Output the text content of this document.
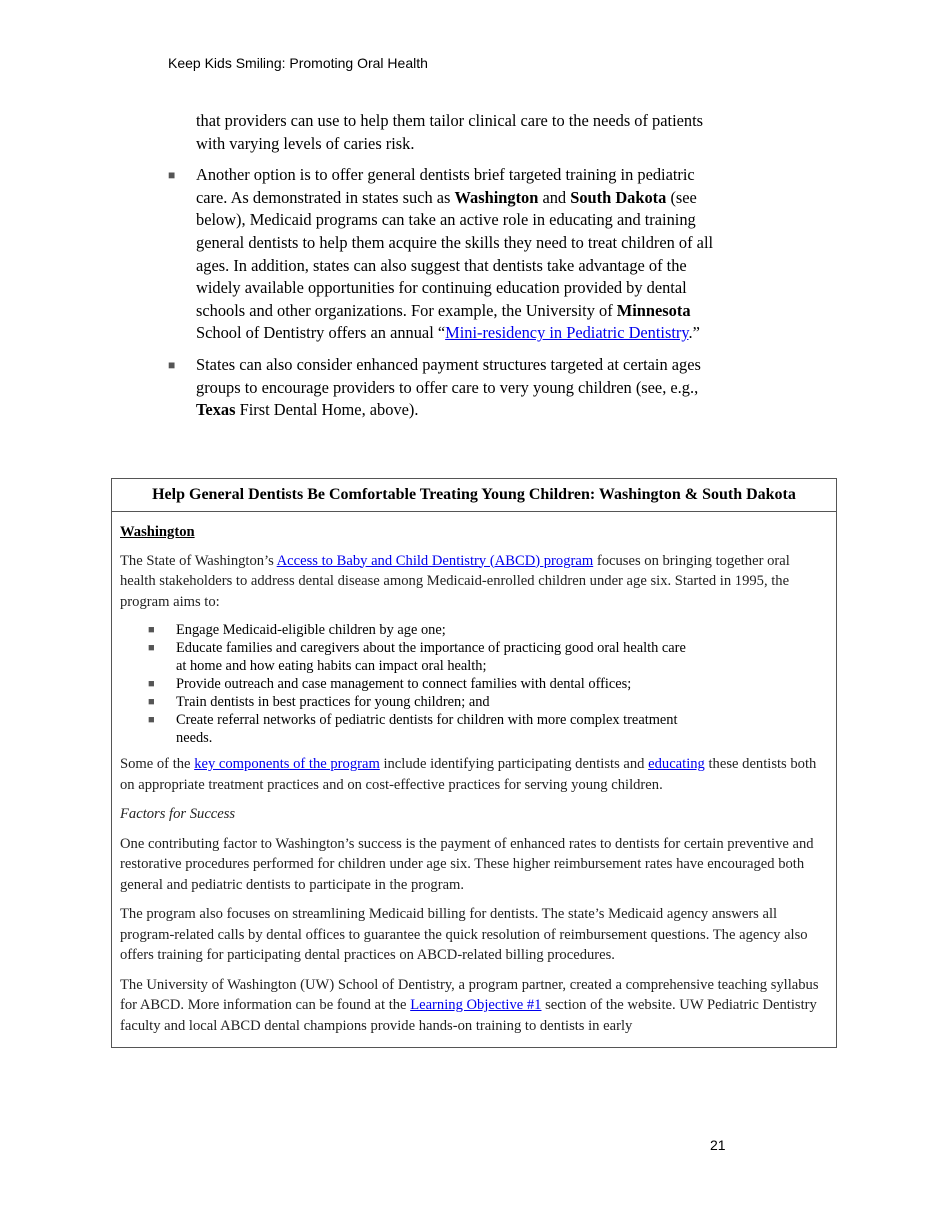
Keep Kids Smiling: Promoting Oral Health

that providers can use to help them tailor clinical care to the needs of patients with varying levels of caries risk.

■ Another option is to offer general dentists brief targeted training in pediatric care. As demonstrated in states such as Washington and South Dakota (see below), Medicaid programs can take an active role in educating and training general dentists to help them acquire the skills they need to treat children of all ages. In addition, states can also suggest that dentists take advantage of the widely available opportunities for continuing education provided by dental schools and other organizations. For example, the University of Minnesota School of Dentistry offers an annual “Mini-residency in Pediatric Dentistry.”
■ States can also consider enhanced payment structures targeted at certain ages groups to encourage providers to offer care to very young children (see, e.g., Texas First Dental Home, above).
Help General Dentists Be Comfortable Treating Young Children: Washington & South Dakota

Washington

The State of Washington’s Access to Baby and Child Dentistry (ABCD) program focuses on bringing together oral health stakeholders to address dental disease among Medicaid-enrolled children under age six. Started in 1995, the program aims to:

■ Engage Medicaid-eligible children by age one;
■ Educate families and caregivers about the importance of practicing good oral health care at home and how eating habits can impact oral health;
■ Provide outreach and case management to connect families with dental offices;
■ Train dentists in best practices for young children; and
■ Create referral networks of pediatric dentists for children with more complex treatment needs.

Some of the key components of the program include identifying participating dentists and educating these dentists both on appropriate treatment practices and on cost-effective practices for serving young children.

Factors for Success

One contributing factor to Washington’s success is the payment of enhanced rates to dentists for certain preventive and restorative procedures performed for children under age six. These higher reimbursement rates have encouraged both general and pediatric dentists to participate in the program.

The program also focuses on streamlining Medicaid billing for dentists. The state’s Medicaid agency answers all program-related calls by dental offices to guarantee the quick resolution of reimbursement questions. The agency also offers training for participating dental practices on ABCD-related billing procedures.

The University of Washington (UW) School of Dentistry, a program partner, created a comprehensive teaching syllabus for ABCD. More information can be found at the Learning Objective #1 section of the website. UW Pediatric Dentistry faculty and local ABCD dental champions provide hands-on training to dentists in early

21
